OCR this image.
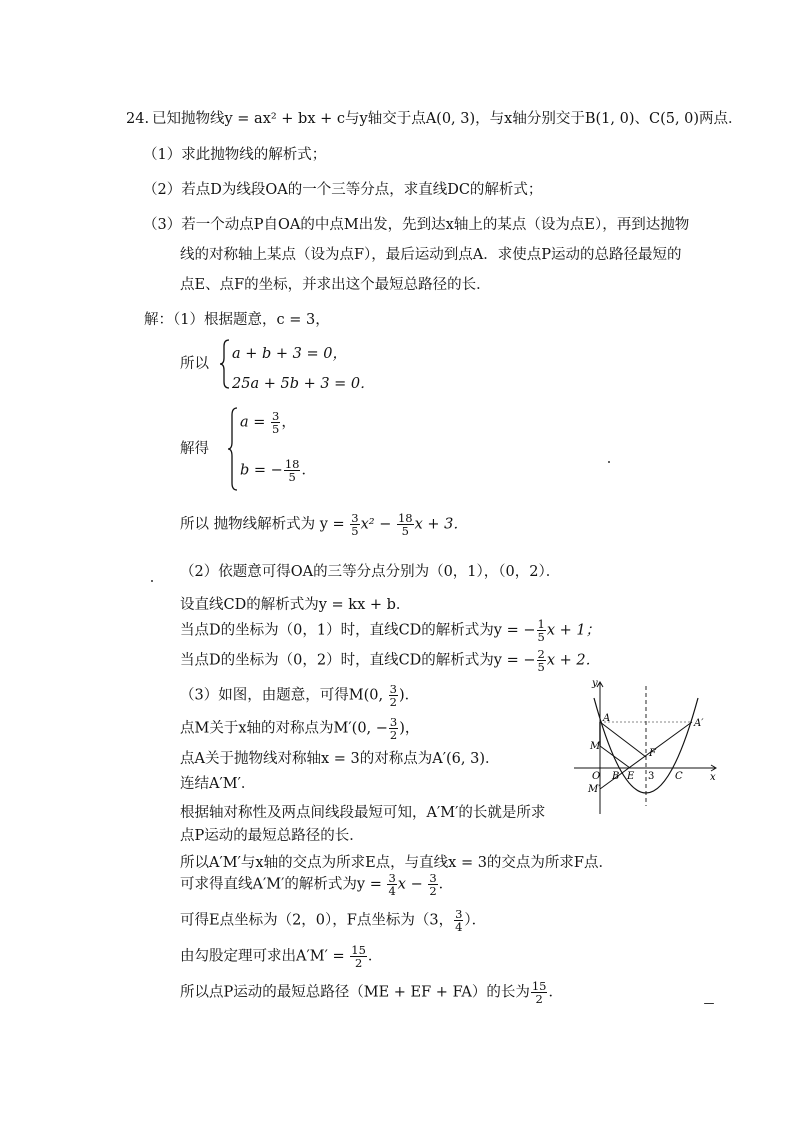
24. 已知抛物线y = ax² + bx + c与y轴交于点A(0, 3)，与x轴分别交于B(1, 0)、C(5, 0)两点．
（1）求此抛物线的解析式；
（2）若点D为线段OA的一个三等分点，求直线DC的解析式；
（3）若一个动点P自OA的中点M出发，先到达x轴上的某点（设为点E），再到达抛物
线的对称轴上某点（设为点F），最后运动到点A．求使点P运动的总路径最短的
点E、点F的坐标，并求出这个最短总路径的长．
解：（1）根据题意，c = 3，
所以
a + b + 3 = 0，
25a + 5b + 3 = 0．
解得
$a = \frac{3}{5}$ ，
b = − $\frac{18}{5}$ ．
所以 抛物线解析式为 $y = \frac{3}{5} x^2 - \frac{18}{5}$ x + 3．
（2）依题意可得OA的三等分点分别为（0，1），（0，2）．
设直线CD的解析式为y = kx + b．
当点D的坐标为（0，1）时，直线CD的解析式为y = − $\frac{1}{5}$ x + 1；
当点D的坐标为（0，2）时，直线CD的解析式为y = − $\frac{2}{5}$ x + 2．
（3）如图，由题意，可得M(0, $\frac{3}{2}$ )．
点M关于x轴的对称点为M′(0, − $\frac{3}{2}$ )，
点A关于抛物线对称轴x = 3的对称点为A′(6, 3)．
连结A′M′．
根据轴对称性及两点间线段最短可知，A′M′的长就是所求
点P运动的最短总路径的长．
所以A′M′与x轴的交点为所求E点，与直线x = 3的交点为所求F点．
可求得直线A′M′的解析式为$y = \frac{3}{4}$ $x - \frac{3}{2}$ ．
可得E点坐标为（2，0），F点坐标为（3， $\frac{3}{4}$ ）．
由勾股定理可求出$A'M' = \frac{15}{2}$ ．
所以点P运动的最短总路径（ME + EF + FA）的长为 $\frac{15}{2}$ ．
y
x
A	A′
M
M′
O B E
F
3 C
